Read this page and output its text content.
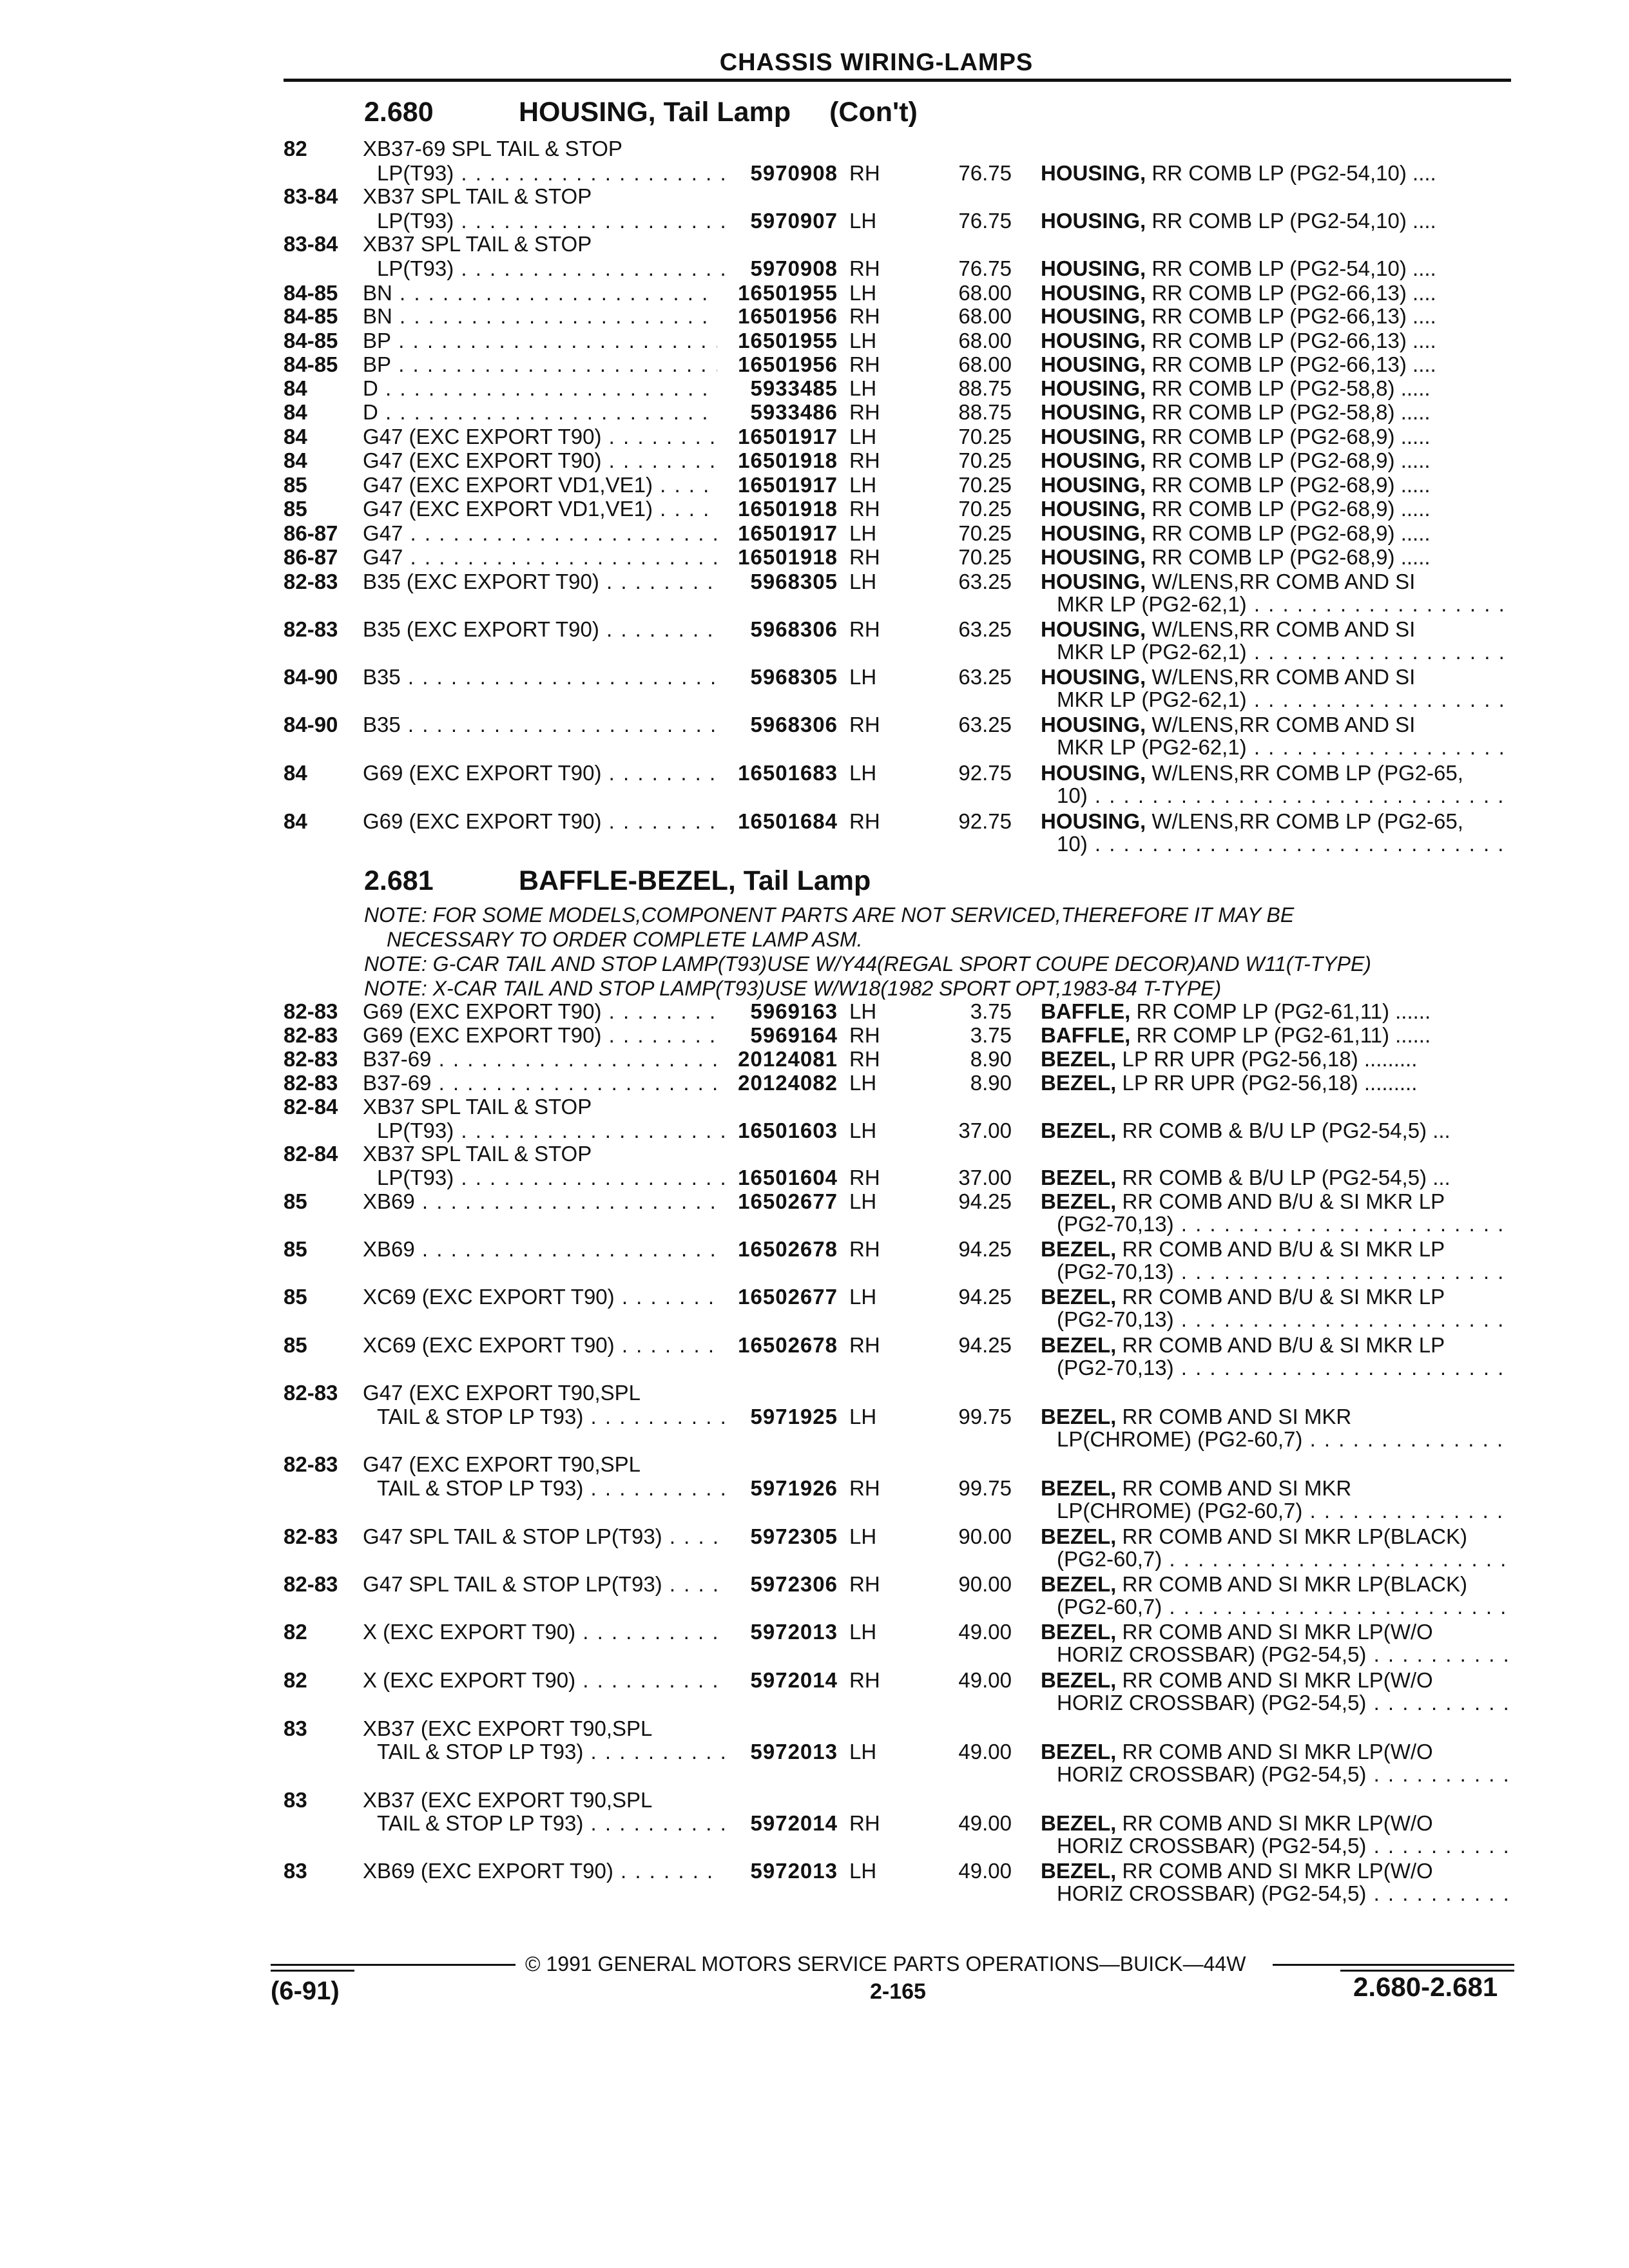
CHASSIS WIRING-LAMPS
2.680	HOUSING, Tail Lamp (Con't)
2.681	BAFFLE-BEZEL, Tail Lamp
NOTE: FOR SOME MODELS,COMPONENT PARTS ARE NOT SERVICED,THEREFORE IT MAY BE
NECESSARY TO ORDER COMPLETE LAMP ASM.
NOTE: G-CAR TAIL AND STOP LAMP(T93)USE W/Y44(REGAL SPORT COUPE DECOR)AND W11(T-TYPE)
NOTE: X-CAR TAIL AND STOP LAMP(T93)USE W/W18(1982 SPORT OPT,1983-84 T-TYPE)
82	XB37-69 SPL TAIL & STOP
LP(T93) . . .	5970908 RH	76.75 HOUSING, RR COMB LP (PG2-54,10) ....
83-84 XB37 SPL TAIL & STOP
LP(T93) . . .	5970907 LH	76.75 HOUSING, RR COMB LP (PG2-54,10) ....
83-84 XB37 SPL TAIL & STOP
LP(T93) . . .	5970908 RH	76.75 HOUSING, RR COMB LP (PG2-54,10) ....
84-85 BN . . .	16501955 LH	68.00 HOUSING, RR COMB LP (PG2-66,13) ....
84-85 BN . . .	16501956 RH	68.00 HOUSING, RR COMB LP (PG2-66,13) ....
84-85 BP . . .	16501955 LH	68.00 HOUSING, RR COMB LP (PG2-66,13) ....
84-85 BP . . .	16501956 RH	68.00 HOUSING, RR COMB LP (PG2-66,13) ....
84	D . . .	5933485 LH	88.75 HOUSING, RR COMB LP (PG2-58,8) .....
84	D . . .	5933486 RH	88.75 HOUSING, RR COMB LP (PG2-58,8) .....
84	G47 (EXC EXPORT T90) . . .	16501917 LH	70.25 HOUSING, RR COMB LP (PG2-68,9) .....
84	G47 (EXC EXPORT T90) . . .	16501918 RH	70.25 HOUSING, RR COMB LP (PG2-68,9) .....
85	G47 (EXC EXPORT VD1,VE1) . . .	16501917 LH	70.25 HOUSING, RR COMB LP (PG2-68,9) .....
85	G47 (EXC EXPORT VD1,VE1) . . .	16501918 RH	70.25 HOUSING, RR COMB LP (PG2-68,9) .....
86-87 G47 . . .	16501917 LH	70.25 HOUSING, RR COMB LP (PG2-68,9) .....
86-87 G47 . . .	16501918 RH	70.25 HOUSING, RR COMB LP (PG2-68,9) .....
82-83 B35 (EXC EXPORT T90) . . .	5968305 LH	63.25 HOUSING, W/LENS,RR COMB AND SI
MKR LP (PG2-62,1) . . .
82-83 B35 (EXC EXPORT T90) . . .	5968306 RH	63.25 HOUSING, W/LENS,RR COMB AND SI
MKR LP (PG2-62,1) . . .
84-90 B35 . . .	5968305 LH	63.25 HOUSING, W/LENS,RR COMB AND SI
MKR LP (PG2-62,1) . . .
84-90 B35 . . .	5968306 RH	63.25 HOUSING, W/LENS,RR COMB AND SI
MKR LP (PG2-62,1) . . .
84	G69 (EXC EXPORT T90) . . .	16501683 LH	92.75 HOUSING, W/LENS,RR COMB LP (PG2-65,
10) . . .
84	G69 (EXC EXPORT T90) . . .	16501684 RH	92.75 HOUSING, W/LENS,RR COMB LP (PG2-65,
10) . . .
82-83 G69 (EXC EXPORT T90) . . .	5969163 LH	3.75 BAFFLE, RR COMP LP (PG2-61,11) ......
82-83 G69 (EXC EXPORT T90) . . .	5969164 RH	3.75 BAFFLE, RR COMP LP (PG2-61,11) ......
82-83 B37-69 . . .	20124081 RH	8.90 BEZEL, LP RR UPR (PG2-56,18) .........
82-83 B37-69 . . .	20124082 LH	8.90 BEZEL, LP RR UPR (PG2-56,18) .........
82-84 XB37 SPL TAIL & STOP
LP(T93) . . .	16501603 LH	37.00 BEZEL, RR COMB & B/U LP (PG2-54,5) ...
82-84 XB37 SPL TAIL & STOP
LP(T93) . . .	16501604 RH	37.00 BEZEL, RR COMB & B/U LP (PG2-54,5) ...
85	XB69 . . .	16502677 LH	94.25 BEZEL, RR COMB AND B/U & SI MKR LP
(PG2-70,13) . . .
85	XB69 . . .	16502678 RH	94.25 BEZEL, RR COMB AND B/U & SI MKR LP
(PG2-70,13) . . .
85	XC69 (EXC EXPORT T90) . . .	16502677 LH	94.25 BEZEL, RR COMB AND B/U & SI MKR LP
(PG2-70,13) . . .
85	XC69 (EXC EXPORT T90) . . .	16502678 RH	94.25 BEZEL, RR COMB AND B/U & SI MKR LP
(PG2-70,13) . . .
82-83 G47 (EXC EXPORT T90,SPL
TAIL & STOP LP T93) . . .	5971925 LH	99.75 BEZEL, RR COMB AND SI MKR
LP(CHROME) (PG2-60,7) . . .
82-83 G47 (EXC EXPORT T90,SPL
TAIL & STOP LP T93) . . .	5971926 RH	99.75 BEZEL, RR COMB AND SI MKR
LP(CHROME) (PG2-60,7) . . .
82-83 G47 SPL TAIL & STOP LP(T93) . . .	5972305 LH	90.00 BEZEL, RR COMB AND SI MKR LP(BLACK)
(PG2-60,7) . . .
82-83 G47 SPL TAIL & STOP LP(T93) . . .	5972306 RH	90.00 BEZEL, RR COMB AND SI MKR LP(BLACK)
(PG2-60,7) . . .
82	X (EXC EXPORT T90) . . .	5972013 LH	49.00 BEZEL, RR COMB AND SI MKR LP(W/O
HORIZ CROSSBAR) (PG2-54,5) . . .
82	X (EXC EXPORT T90) . . .	5972014 RH	49.00 BEZEL, RR COMB AND SI MKR LP(W/O
HORIZ CROSSBAR) (PG2-54,5) . . .
83	XB37 (EXC EXPORT T90,SPL
TAIL & STOP LP T93) . . .	5972013 LH	49.00 BEZEL, RR COMB AND SI MKR LP(W/O
HORIZ CROSSBAR) (PG2-54,5) . . .
83	XB37 (EXC EXPORT T90,SPL
TAIL & STOP LP T93) . . .	5972014 RH	49.00 BEZEL, RR COMB AND SI MKR LP(W/O
HORIZ CROSSBAR) (PG2-54,5) . . .
83	XB69 (EXC EXPORT T90) . . .	5972013 LH	49.00 BEZEL, RR COMB AND SI MKR LP(W/O
HORIZ CROSSBAR) (PG2-54,5) . . .
© 1991 GENERAL MOTORS SERVICE PARTS OPERATIONS—BUICK—44W
(6-91)	2-165	2.680-2.681
